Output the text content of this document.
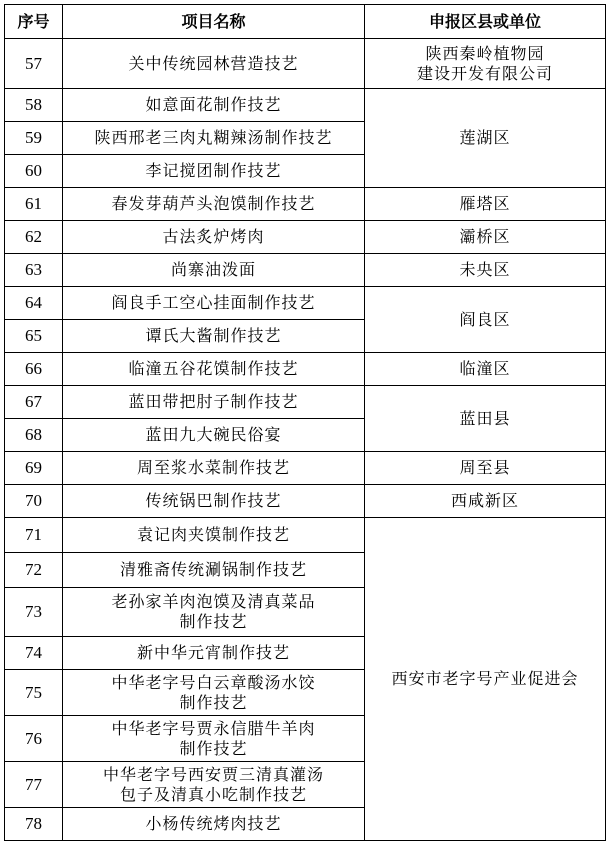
序号	项目名称	申报区县或单位
57	关中传统园林营造技艺	陕西秦岭植物园
建设开发有限公司
58	如意面花制作技艺	莲湖区
59	陕西邢老三肉丸糊辣汤制作技艺	
60	李记搅团制作技艺	
61	春发芽葫芦头泡馍制作技艺	雁塔区
62	古法炙炉烤肉	灞桥区
63	尚寨油泼面	未央区
64	阎良手工空心挂面制作技艺	阎良区
65	谭氏大酱制作技艺	
66	临潼五谷花馍制作技艺	临潼区
67	蓝田带把肘子制作技艺	蓝田县
68	蓝田九大碗民俗宴	
69	周至浆水菜制作技艺	周至县
70	传统锅巴制作技艺	西咸新区
71	袁记肉夹馍制作技艺	西安市老字号产业促进会
72	清雅斋传统涮锅制作技艺	
73	老孙家羊肉泡馍及清真菜品
制作技艺	
74	新中华元宵制作技艺	
75	中华老字号白云章酸汤水饺
制作技艺	
76	中华老字号贾永信腊牛羊肉
制作技艺	
77	中华老字号西安贾三清真灌汤
包子及清真小吃制作技艺	
78	小杨传统烤肉技艺	
